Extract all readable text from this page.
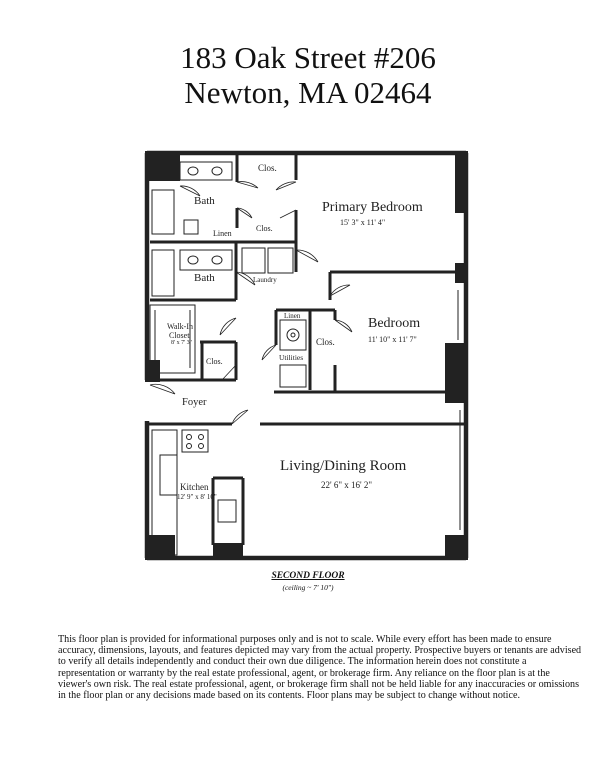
183 Oak Street #206
Newton, MA 02464
Clos.
Primary Bedroom
15' 3" x 11' 4"
Bath
Linen
Clos.
Bath	Laundry
Bedroom
11' 10" x 11' 7"
Linen
Clos.
Utilities
Walk-In
Closet
8' x 7' 3"
Clos.
Foyer
Living/Dining Room
22' 6" x 16' 2"
Kitchen
12' 9" x 8' 10"
SECOND FLOOR
(ceiling ~ 7' 10")
This floor plan is provided for informational purposes only and is not to scale. While every effort has been made to ensure accuracy, dimensions, layouts, and features depicted may vary from the actual property. Prospective buyers or tenants are advised to verify all details independently and conduct their own due diligence. The information herein does not constitute a representation or warranty by the real estate professional, agent, or brokerage firm. Any reliance on the floor plan is at the viewer's own risk. The real estate professional, agent, or brokerage firm shall not be held liable for any inaccuracies or omissions in the floor plan or any decisions made based on its contents. Floor plans may be subject to change without notice.
